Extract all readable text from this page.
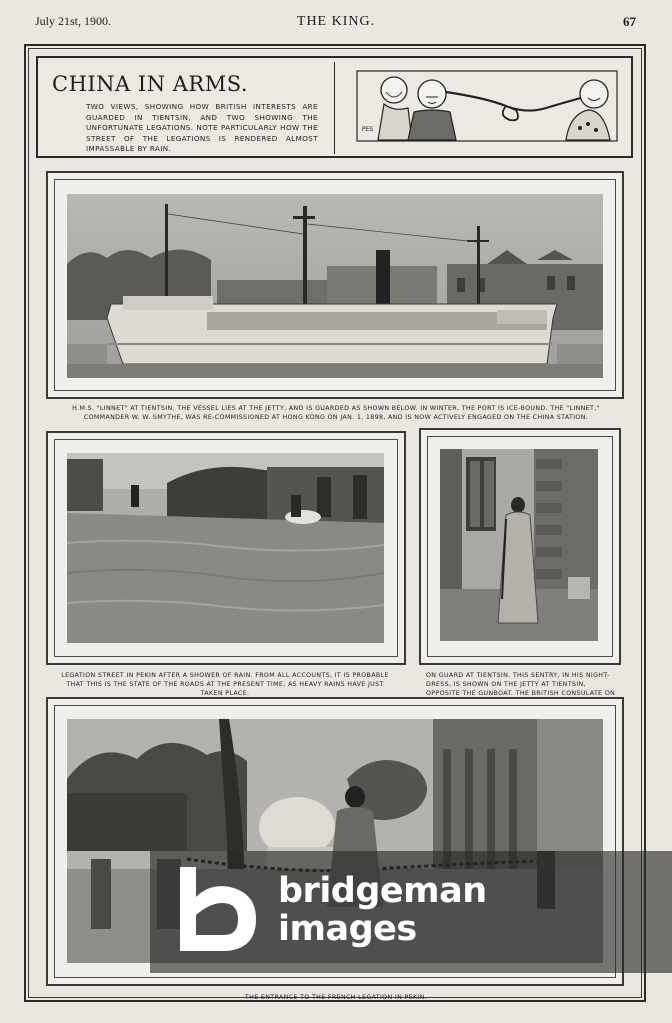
July 21st, 1900.	THE KING.	67
CHINA IN ARMS.
TWO VIEWS, SHOWING HOW BRITISH INTERESTS ARE GUARDED IN TIENTSIN, AND TWO SHOWING THE UNFORTUNATE LEGATIONS. NOTE PARTICULARLY HOW THE STREET OF THE LEGATIONS IS RENDERED ALMOST IMPASSABLE BY RAIN.
PES
H.M.S. "LINNET" AT TIENTSIN. THE VESSEL LIES AT THE JETTY, AND IS GUARDED AS SHOWN BELOW. IN WINTER, THE PORT IS ICE-BOUND. THE "LINNET," COMMANDER W. W. SMYTHE, WAS RE-COMMISSIONED AT HONG KONG ON JAN. 1, 1898, AND IS NOW ACTIVELY ENGAGED ON THE CHINA STATION.
LEGATION STREET IN PEKIN AFTER A SHOWER OF RAIN. FROM ALL ACCOUNTS, IT IS PROBABLE THAT THIS IS THE STATE OF THE ROADS AT THE PRESENT TIME, AS HEAVY RAINS HAVE JUST TAKEN PLACE.
ON GUARD AT TIENTSIN. THIS SENTRY, IN HIS NIGHT-DRESS, IS SHOWN ON THE JETTY AT TIENTSIN, OPPOSITE THE GUNBOAT. THE BRITISH CONSULATE ON
THE ENTRANCE TO THE FRENCH LEGATION IN PEKIN.
bridgeman
images
